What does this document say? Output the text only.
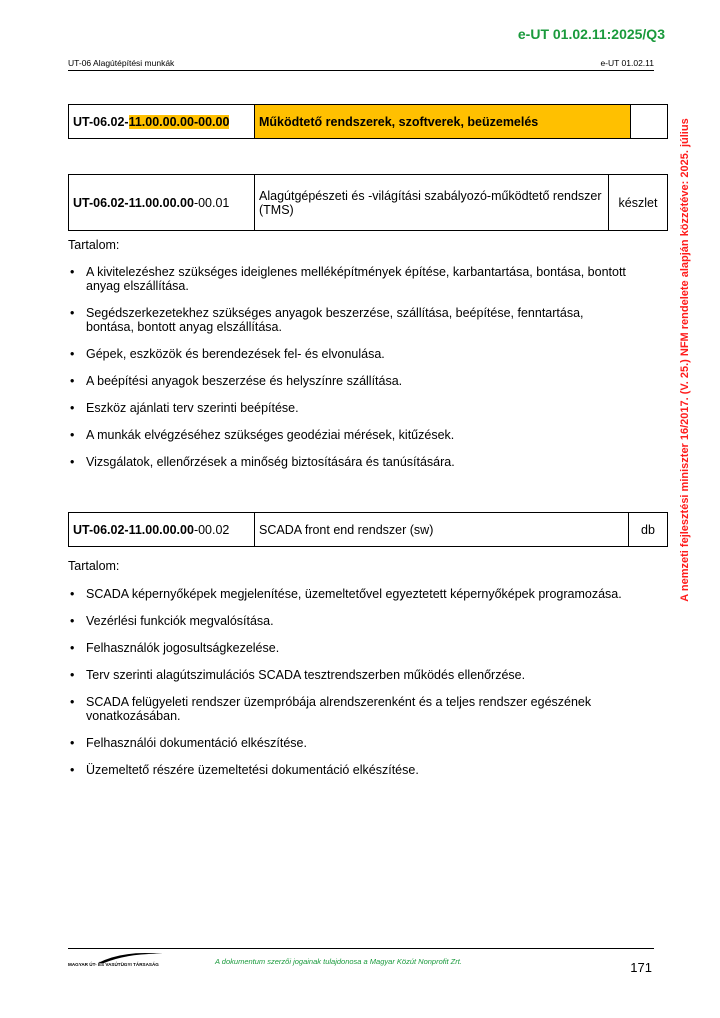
e-UT 01.02.11:2025/Q3
UT-06 Alagútépítési munkák	e-UT 01.02.11
A nemzeti fejlesztési miniszter 16/2017. (V. 25.) NFM rendelete alapján közzétéve: 2025. július
UT-06.02-11.00.00.00-00.00	Működtető rendszerek, szoftverek, beüzemelés	
UT-06.02-11.00.00.00-00.01	Alagútgépészeti és -világítási szabályozó-működtető rendszer (TMS)	készlet
Tartalom:
• A kivitelezéshez szükséges ideiglenes melléképítmények építése, karbantartása, bontása, bontott anyag elszállítása.
• Segédszerkezetekhez szükséges anyagok beszerzése, szállítása, beépítése, fenntartása, bontása, bontott anyag elszállítása.
• Gépek, eszközök és berendezések fel- és elvonulása.
• A beépítési anyagok beszerzése és helyszínre szállítása.
• Eszköz ajánlati terv szerinti beépítése.
• A munkák elvégzéséhez szükséges geodéziai mérések, kitűzések.
• Vizsgálatok, ellenőrzések a minőség biztosítására és tanúsítására.
UT-06.02-11.00.00.00-00.02	SCADA front end rendszer (sw)	db
Tartalom:
• SCADA képernyőképek megjelenítése, üzemeltetővel egyeztetett képernyőképek programozása.
• Vezérlési funkciók megvalósítása.
• Felhasználók jogosultságkezelése.
• Terv szerinti alagútszimulációs SCADA tesztrendszerben működés ellenőrzése.
• SCADA felügyeleti rendszer üzempróbája alrendszerenként és a teljes rendszer egészének vonatkozásában.
• Felhasználói dokumentáció elkészítése.
• Üzemeltető részére üzemeltetési dokumentáció elkészítése.
MAGYAR ÚT- ÉS VASÚTÜGYI TÁRSASÁG	A dokumentum szerzői jogainak tulajdonosa a Magyar Közút Nonprofit Zrt.	171
